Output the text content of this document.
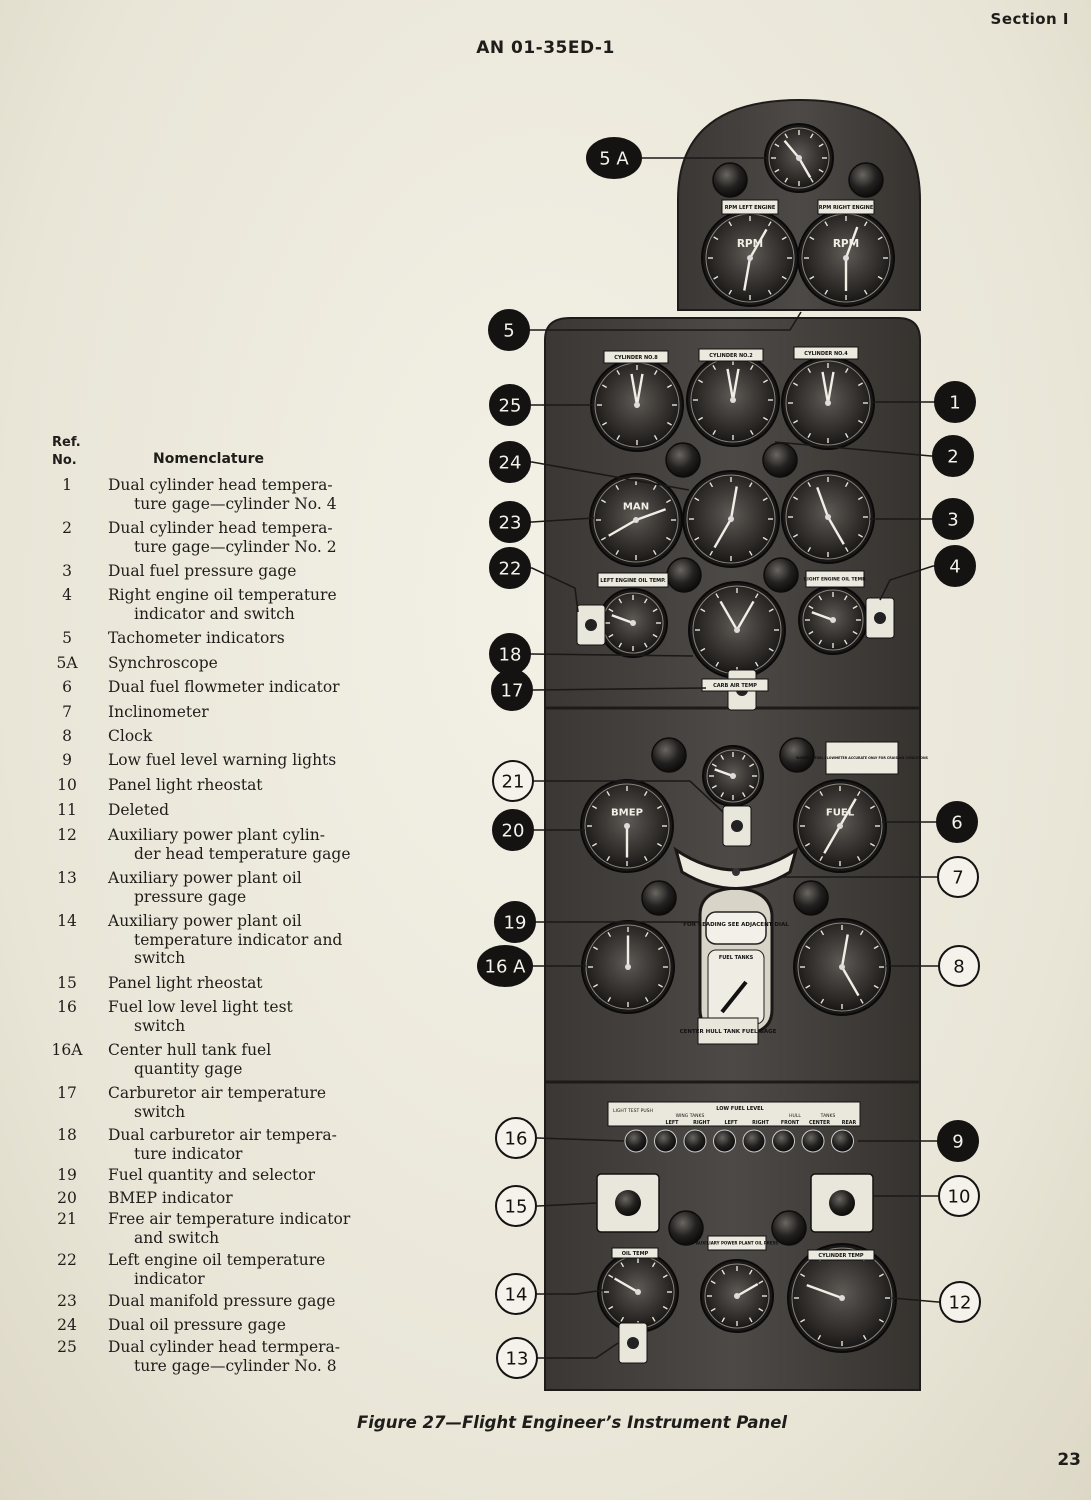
Section I
AN 01-35ED-1
Ref.
No.	Nomenclature
1	Dual cylinder head tempera-
ture gage—cylinder No. 4
2	Dual cylinder head tempera-
ture gage—cylinder No. 2
3	Dual fuel pressure gage
4	Right engine oil temperature
indicator and switch
5	Tachometer indicators
5A	Synchroscope
6	Dual fuel flowmeter indicator
7	Inclinometer
8	Clock
9	Low fuel level warning lights
10	Panel light rheostat
11	Deleted
12	Auxiliary power plant cylin-
der head temperature gage
13	Auxiliary power plant oil
pressure gage
14	Auxiliary power plant oil
temperature indicator and
switch
15	Panel light rheostat
16	Fuel low level light test
switch
16A	Center hull tank fuel
quantity gage
17	Carburetor air temperature
switch
18	Dual carburetor air tempera-
ture indicator
19	Fuel quantity and selector
20	BMEP indicator
21	Free air temperature indicator
and switch
22	Left engine oil temperature
indicator
23	Dual manifold pressure gage
24	Dual oil pressure gage
25	Dual cylinder head termpera-
ture gage—cylinder No. 8
RPM	RPM
MAN
BMEP	FUEL
RPM LEFT ENGINE	RPM RIGHT ENGINE
CYLINDER NO.8	CYLINDER NO.2	CYLINDER NO.4
LEFT ENGINE OIL TEMP.	RIGHT ENGINE OIL TEMP.
CARB AIR TEMP
WARNING FUEL FLOWMETER ACCURATE ONLY FOR CRUISING CONDITIONS
AUXILIARY POWER PLANT OIL PRESS
OIL TEMP	CYLINDER TEMP
FOR READING SEE ADJACENT DIAL
FUEL TANKS
CENTER HULL TANK FUEL GAGE
LIGHT TEST PUSH	LOW FUEL LEVEL
WING TANKS	HULL	TANKS
LEFT	RIGHT	LEFT	RIGHT FRONT CENTER REAR
5 A
5
25	1
24	2
23	3
22	4
18
17
21
20	6
7
19
16 A	8
16	9
15	10
14	12
13
Figure 27—Flight Engineer’s Instrument Panel
23
